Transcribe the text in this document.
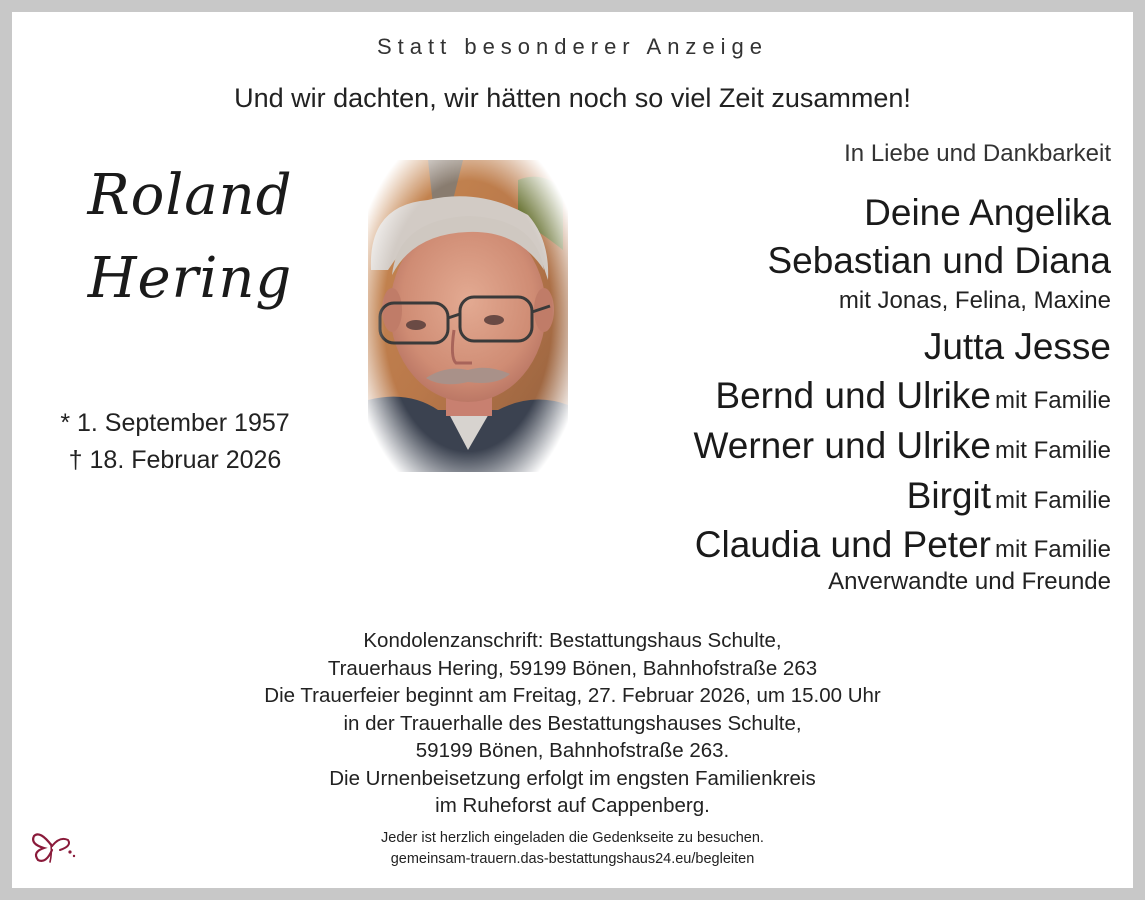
Statt besonderer Anzeige
Und wir dachten, wir hätten noch so viel Zeit zusammen!
Roland
Hering
* 1. September 1957
† 18. Februar 2026
In Liebe und Dankbarkeit
Deine Angelika
Sebastian und Diana
mit Jonas, Felina, Maxine
Jutta Jesse
Bernd und Ulrike mit Familie
Werner und Ulrike mit Familie
Birgit mit Familie
Claudia und Peter mit Familie
Anverwandte und Freunde
Kondolenzanschrift: Bestattungshaus Schulte,
Trauerhaus Hering, 59199 Bönen, Bahnhofstraße 263
Die Trauerfeier beginnt am Freitag, 27. Februar 2026, um 15.00 Uhr
in der Trauerhalle des Bestattungshauses Schulte,
59199 Bönen, Bahnhofstraße 263.
Die Urnenbeisetzung erfolgt im engsten Familienkreis
im Ruheforst auf Cappenberg.
Jeder ist herzlich eingeladen die Gedenkseite zu besuchen.
gemeinsam-trauern.das-bestattungshaus24.eu/begleiten
